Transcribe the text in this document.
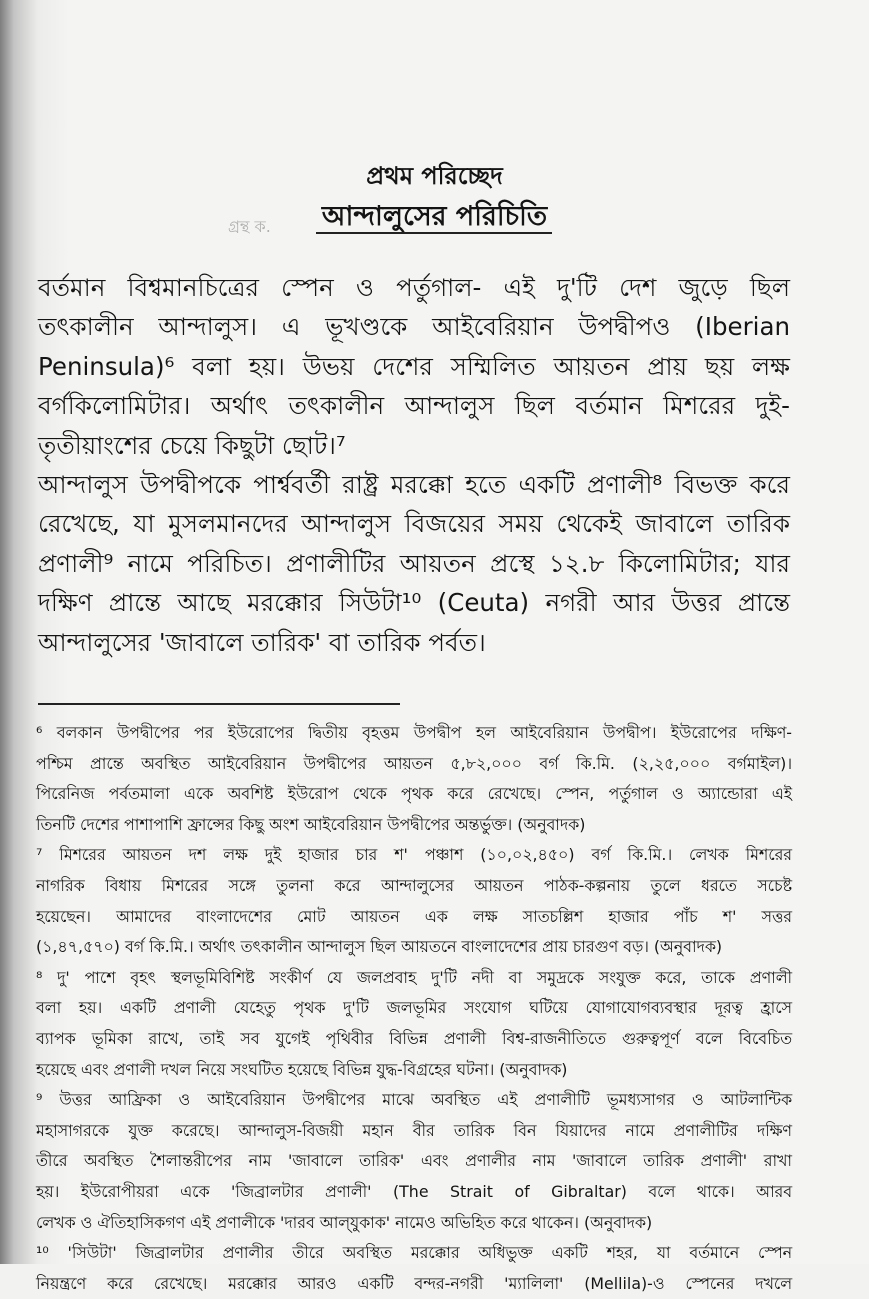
প্রথম পরিচ্ছেদ
আন্দালুসের পরিচিতি
গ্রন্থ ক.
বর্তমান বিশ্বমানচিত্রের স্পেন ও পর্তুগাল- এই দু'টি দেশ জুড়ে ছিল
তৎকালীন আন্দালুস। এ ভূখণ্ডকে আইবেরিয়ান উপদ্বীপও (Iberian
Peninsula)⁶ বলা হয়। উভয় দেশের সম্মিলিত আয়তন প্রায় ছয় লক্ষ
বর্গকিলোমিটার। অর্থাৎ তৎকালীন আন্দালুস ছিল বর্তমান মিশরের দুই-
তৃতীয়াংশের চেয়ে কিছুটা ছোট।⁷
আন্দালুস উপদ্বীপকে পার্শ্ববর্তী রাষ্ট্র মরক্কো হতে একটি প্রণালী⁸ বিভক্ত করে
রেখেছে, যা মুসলমানদের আন্দালুস বিজয়ের সময় থেকেই জাবালে তারিক
প্রণালী⁹ নামে পরিচিত। প্রণালীটির আয়তন প্রস্থে ১২.৮ কিলোমিটার; যার
দক্ষিণ প্রান্তে আছে মরক্কোর সিউটা¹⁰ (Ceuta) নগরী আর উত্তর প্রান্তে
আন্দালুসের 'জাবালে তারিক' বা তারিক পর্বত।
⁶ বলকান উপদ্বীপের পর ইউরোপের দ্বিতীয় বৃহত্তম উপদ্বীপ হল আইবেরিয়ান উপদ্বীপ। ইউরোপের দক্ষিণ-
পশ্চিম প্রান্তে অবস্থিত আইবেরিয়ান উপদ্বীপের আয়তন ৫,৮২,০০০ বর্গ কি.মি. (২,২৫,০০০ বর্গমাইল)।
পিরেনিজ পর্বতমালা একে অবশিষ্ট ইউরোপ থেকে পৃথক করে রেখেছে। স্পেন, পর্তুগাল ও অ্যান্ডোরা এই
তিনটি দেশের পাশাপাশি ফ্রান্সের কিছু অংশ আইবেরিয়ান উপদ্বীপের অন্তর্ভুক্ত। (অনুবাদক)
⁷ মিশরের আয়তন দশ লক্ষ দুই হাজার চার শ' পঞ্চাশ (১০,০২,৪৫০) বর্গ কি.মি.। লেখক মিশরের
নাগরিক বিধায় মিশরের সঙ্গে তুলনা করে আন্দালুসের আয়তন পাঠক-কল্পনায় তুলে ধরতে সচেষ্ট
হয়েছেন। আমাদের বাংলাদেশের মোট আয়তন এক লক্ষ সাতচল্লিশ হাজার পাঁচ শ' সত্তর
(১,৪৭,৫৭০) বর্গ কি.মি.। অর্থাৎ তৎকালীন আন্দালুস ছিল আয়তনে বাংলাদেশের প্রায় চারগুণ বড়। (অনুবাদক)
⁸ দু' পাশে বৃহৎ স্থলভূমিবিশিষ্ট সংকীর্ণ যে জলপ্রবাহ দু'টি নদী বা সমুদ্রকে সংযুক্ত করে, তাকে প্রণালী
বলা হয়। একটি প্রণালী যেহেতু পৃথক দু'টি জলভূমির সংযোগ ঘটিয়ে যোগাযোগব্যবস্থার দূরত্ব হ্রাসে
ব্যাপক ভূমিকা রাখে, তাই সব যুগেই পৃথিবীর বিভিন্ন প্রণালী বিশ্ব-রাজনীতিতে গুরুত্বপূর্ণ বলে বিবেচিত
হয়েছে এবং প্রণালী দখল নিয়ে সংঘটিত হয়েছে বিভিন্ন যুদ্ধ-বিগ্রহের ঘটনা। (অনুবাদক)
⁹ উত্তর আফ্রিকা ও আইবেরিয়ান উপদ্বীপের মাঝে অবস্থিত এই প্রণালীটি ভূমধ্যসাগর ও আটলান্টিক
মহাসাগরকে যুক্ত করেছে। আন্দালুস-বিজয়ী মহান বীর তারিক বিন যিয়াদের নামে প্রণালীটির দক্ষিণ
তীরে অবস্থিত শৈলান্তরীপের নাম 'জাবালে তারিক' এবং প্রণালীর নাম 'জাবালে তারিক প্রণালী' রাখা
হয়। ইউরোপীয়রা একে 'জিব্রালটার প্রণালী' (The Strait of Gibraltar) বলে থাকে। আরব
লেখক ও ঐতিহাসিকগণ এই প্রণালীকে 'দারব আল্‌যুকাক' নামেও অভিহিত করে থাকেন। (অনুবাদক)
¹⁰ 'সিউটা' জিব্রালটার প্রণালীর তীরে অবস্থিত মরক্কোর অধিভুক্ত একটি শহর, যা বর্তমানে স্পেন
নিয়ন্ত্রণে করে রেখেছে। মরক্কোর আরও একটি বন্দর-নগরী 'ম্যালিলা' (Mellila)-ও স্পেনের দখলে
